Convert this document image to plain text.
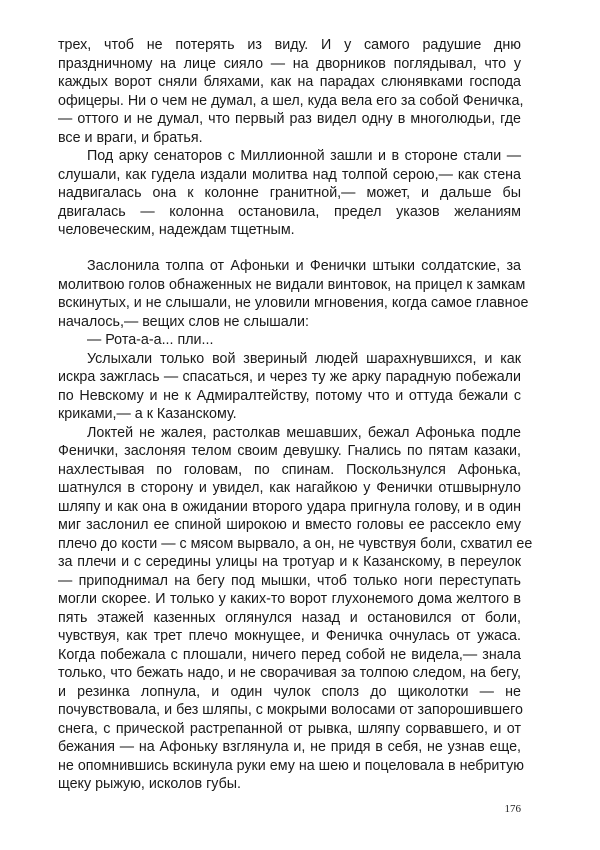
трех, чтоб не потерять из виду. И у самого радушие дню
праздничному на лице сияло — на дворников поглядывал, что у
каждых ворот сняли бляхами, как на парадах слюнявками господа
офицеры. Ни о чем не думал, а шел, куда вела его за собой Феничка,
— оттого и не думал, что первый раз видел одну в многолюдьи, где
все и враги, и братья.
Под арку сенаторов с Миллионной зашли и в стороне стали —
слушали, как гудела издали молитва над толпой серою,— как стена
надвигалась она к колонне гранитной,— может, и дальше бы
двигалась — колонна остановила, предел указов желаниям
человеческим, надеждам тщетным.
Заслонила толпа от Афоньки и Фенички штыки солдатские, за
молитвою голов обнаженных не видали винтовок, на прицел к замкам
вскинутых, и не слышали, не уловили мгновения, когда самое главное
началось,— вещих слов не слышали:
— Рота-а-а... пли...
Услыхали только вой звериный людей шарахнувшихся, и как
искра зажглась — спасаться, и через ту же арку парадную побежали
по Невскому и не к Адмиралтейству, потому что и оттуда бежали с
криками,— а к Казанскому.
Локтей не жалея, растолкав мешавших, бежал Афонька подле
Фенички, заслоняя телом своим девушку. Гнались по пятам казаки,
нахлестывая по головам, по спинам. Поскользнулся Афонька,
шатнулся в сторону и увидел, как нагайкою у Фенички отшвырнуло
шляпу и как она в ожидании второго удара пригнула голову, и в один
миг заслонил ее спиной широкою и вместо головы ее рассекло ему
плечо до кости — с мясом вырвало, а он, не чувствуя боли, схватил ее
за плечи и с середины улицы на тротуар и к Казанскому, в переулок
— приподнимал на бегу под мышки, чтоб только ноги переступать
могли скорее. И только у каких-то ворот глухонемого дома желтого в
пять этажей казенных оглянулся назад и остановился от боли,
чувствуя, как трет плечо мокнущее, и Феничка очнулась от ужаса.
Когда побежала с плошали, ничего перед собой не видела,— знала
только, что бежать надо, и не сворачивая за толпою следом, на бегу,
и резинка лопнула, и один чулок сполз до щиколотки — не
почувствовала, и без шляпы, с мокрыми волосами от запорошившего
снега, с прической растрепанной от рывка, шляпу сорвавшего, и от
бежания — на Афоньку взглянула и, не придя в себя, не узнав еще,
не опомнившись вскинула руки ему на шею и поцеловала в небритую
щеку рыжую, исколов губы.
176
